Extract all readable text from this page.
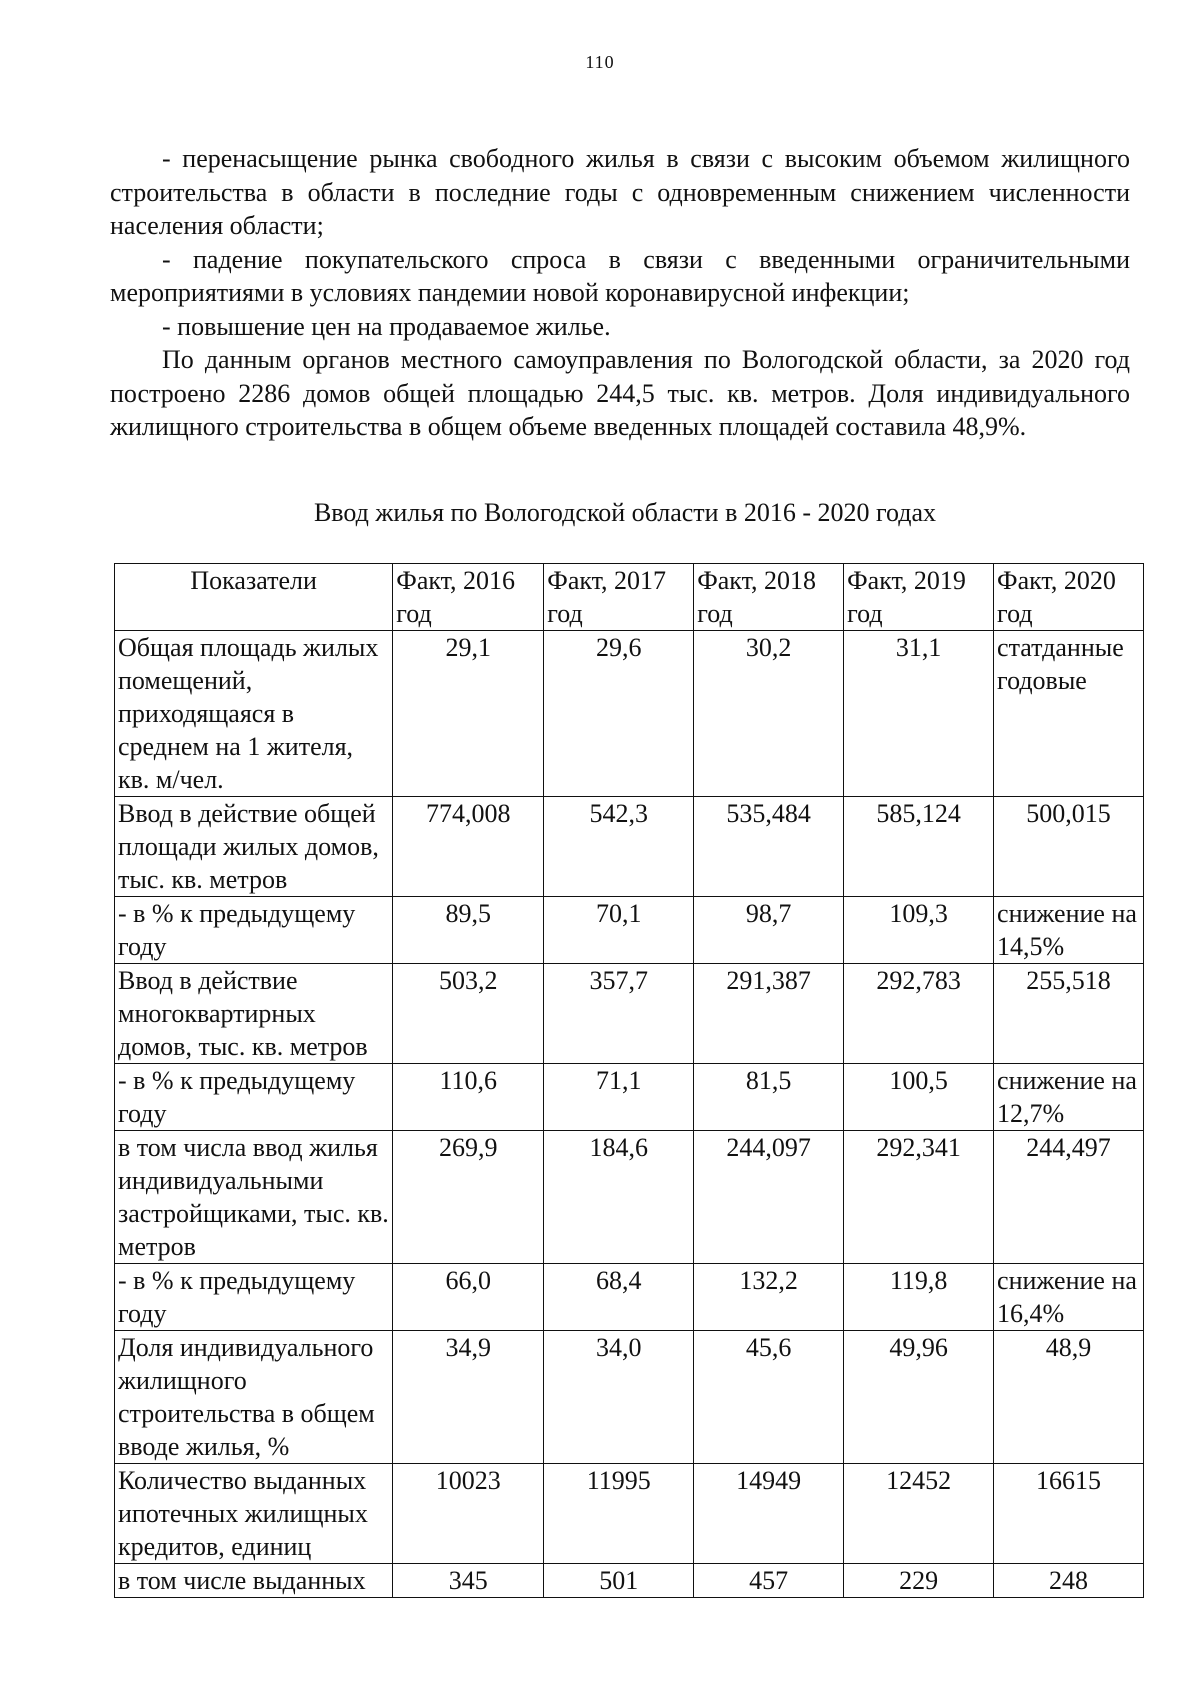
110

- перенасыщение рынка свободного жилья в связи с высоким объемом жилищного строительства в области в последние годы с одновременным снижением численности населения области;

- падение покупательского спроса в связи с введенными ограничительными мероприятиями в условиях пандемии новой коронавирусной инфекции;

- повышение цен на продаваемое жилье.

По данным органов местного самоуправления по Вологодской области, за 2020 год построено 2286 домов общей площадью 244,5 тыс. кв. метров. Доля индивидуального жилищного строительства в общем объеме введенных площадей составила 48,9%.

Ввод жилья по Вологодской области в 2016 - 2020 годах
Показатели	Факт, 2016 год	Факт, 2017 год	Факт, 2018 год	Факт, 2019 год	Факт, 2020 год
Общая площадь жилых помещений, приходящаяся в среднем на 1 жителя, кв. м/чел.	29,1	29,6	30,2	31,1	статданные годовые
Ввод в действие общей площади жилых домов, тыс. кв. метров	774,008	542,3	535,484	585,124	500,015
- в % к предыдущему году	89,5	70,1	98,7	109,3	снижение на 14,5%
Ввод в действие многоквартирных домов, тыс. кв. метров	503,2	357,7	291,387	292,783	255,518
- в % к предыдущему году	110,6	71,1	81,5	100,5	снижение на 12,7%
в том числа ввод жилья индивидуальными застройщиками, тыс. кв. метров	269,9	184,6	244,097	292,341	244,497
- в % к предыдущему году	66,0	68,4	132,2	119,8	снижение на 16,4%
Доля индивидуального жилищного строительства в общем вводе жилья, %	34,9	34,0	45,6	49,96	48,9
Количество выданных ипотечных жилищных кредитов, единиц	10023	11995	14949	12452	16615
в том числе выданных	345	501	457	229	248
